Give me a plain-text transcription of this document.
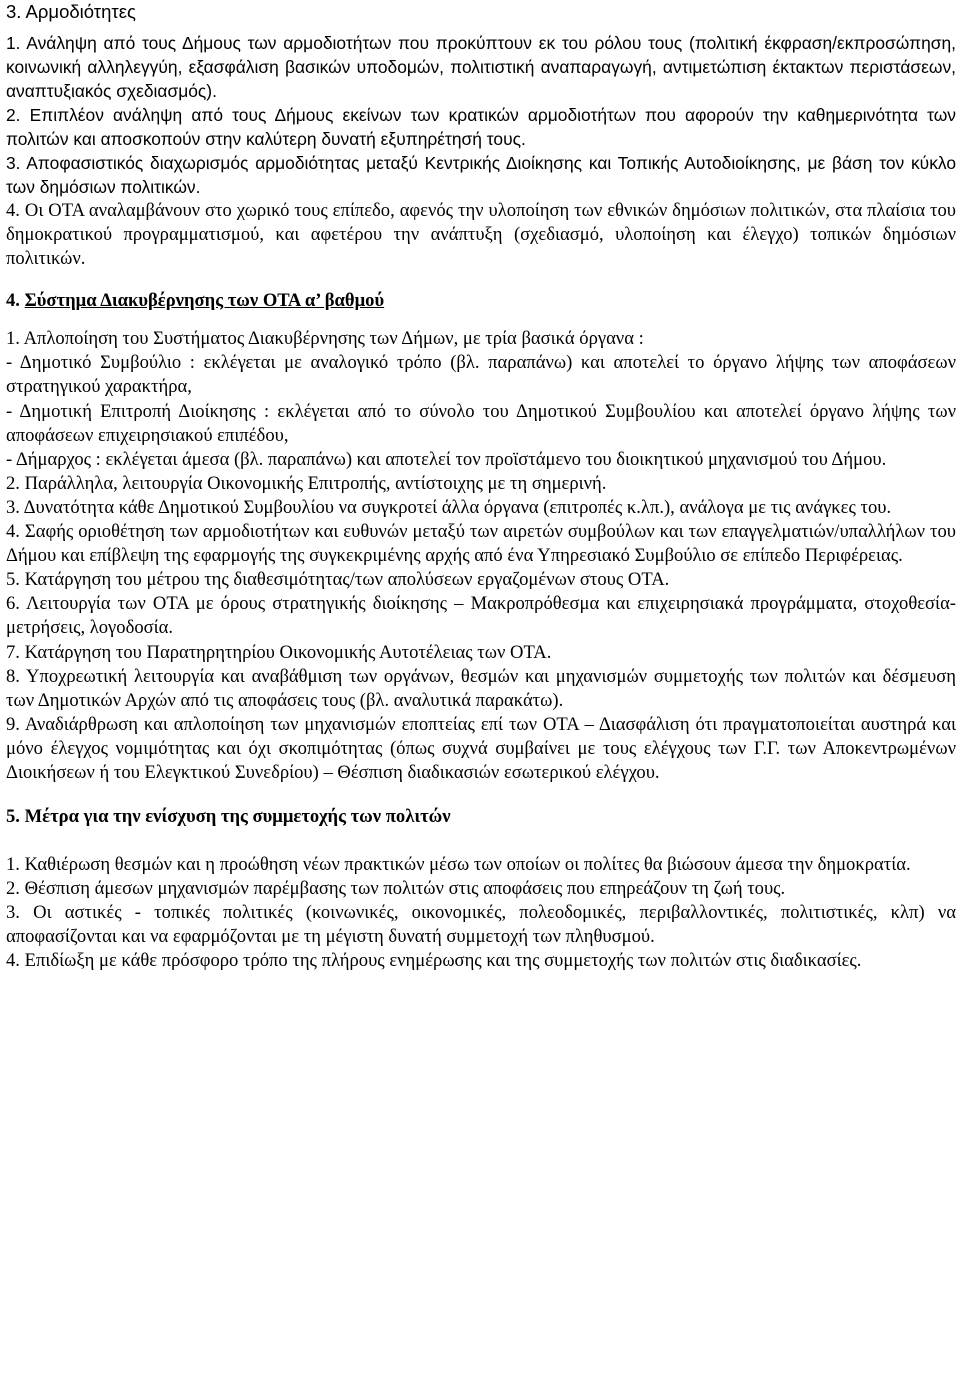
3. Αρμοδιότητες

1. Ανάληψη από τους Δήμους των αρμοδιοτήτων που προκύπτουν εκ του ρόλου τους (πολιτική έκφραση/εκπροσώπηση, κοινωνική αλληλεγγύη, εξασφάλιση βασικών υποδομών, πολιτιστική αναπαραγωγή, αντιμετώπιση έκτακτων περιστάσεων, αναπτυξιακός σχεδιασμός).

2. Επιπλέον ανάληψη από τους Δήμους εκείνων των κρατικών αρμοδιοτήτων που αφορούν την καθημερινότητα των πολιτών και αποσκοπούν στην καλύτερη δυνατή εξυπηρέτησή τους.

3. Αποφασιστικός διαχωρισμός αρμοδιότητας μεταξύ Κεντρικής Διοίκησης και Τοπικής Αυτοδιοίκησης, με βάση τον κύκλο των δημόσιων πολιτικών.

4. Οι ΟΤΑ αναλαμβάνουν στο χωρικό τους επίπεδο, αφενός την υλοποίηση των εθνικών δημόσιων πολιτικών, στα πλαίσια του δημοκρατικού προγραμματισμού, και αφετέρου την ανάπτυξη (σχεδιασμό, υλοποίηση και έλεγχο) τοπικών δημόσιων πολιτικών.

4. Σύστημα Διακυβέρνησης των ΟΤΑ α’ βαθμού

1. Απλοποίηση του Συστήματος Διακυβέρνησης των Δήμων, με τρία βασικά όργανα :

- Δημοτικό Συμβούλιο : εκλέγεται με αναλογικό τρόπο (βλ. παραπάνω) και αποτελεί το όργανο λήψης των αποφάσεων στρατηγικού χαρακτήρα,

- Δημοτική Επιτροπή Διοίκησης : εκλέγεται από το σύνολο του Δημοτικού Συμβουλίου και αποτελεί όργανο λήψης των αποφάσεων επιχειρησιακού επιπέδου,

- Δήμαρχος : εκλέγεται άμεσα (βλ. παραπάνω) και αποτελεί τον προϊστάμενο του διοικητικού μηχανισμού του Δήμου.

2. Παράλληλα, λειτουργία Οικονομικής Επιτροπής, αντίστοιχης με τη σημερινή.

3. Δυνατότητα κάθε Δημοτικού Συμβουλίου να συγκροτεί άλλα όργανα (επιτροπές κ.λπ.), ανάλογα με τις ανάγκες του.

4. Σαφής οριοθέτηση των αρμοδιοτήτων και ευθυνών μεταξύ των αιρετών συμβούλων και των επαγγελματιών/υπαλλήλων του Δήμου και επίβλεψη της εφαρμογής της συγκεκριμένης αρχής από ένα Υπηρεσιακό Συμβούλιο σε επίπεδο Περιφέρειας.

5. Κατάργηση του μέτρου της διαθεσιμότητας/των απολύσεων εργαζομένων στους ΟΤΑ.

6. Λειτουργία των ΟΤΑ με όρους στρατηγικής διοίκησης – Μακροπρόθεσμα και επιχειρησιακά προγράμματα, στοχοθεσία-μετρήσεις, λογοδοσία.

7. Κατάργηση του Παρατηρητηρίου Οικονομικής Αυτοτέλειας των ΟΤΑ.

8. Υποχρεωτική λειτουργία και αναβάθμιση των οργάνων, θεσμών και μηχανισμών συμμετοχής των πολιτών και δέσμευση των Δημοτικών Αρχών από τις αποφάσεις τους (βλ. αναλυτικά παρακάτω).

9. Αναδιάρθρωση και απλοποίηση των μηχανισμών εποπτείας επί των ΟΤΑ – Διασφάλιση ότι πραγματοποιείται αυστηρά και μόνο έλεγχος νομιμότητας και όχι σκοπιμότητας (όπως συχνά συμβαίνει με τους ελέγχους των Γ.Γ. των Αποκεντρωμένων Διοικήσεων ή του Ελεγκτικού Συνεδρίου) – Θέσπιση διαδικασιών εσωτερικού ελέγχου.

5. Μέτρα για την ενίσχυση της συμμετοχής των πολιτών

1. Καθιέρωση θεσμών και η προώθηση νέων πρακτικών μέσω των οποίων οι πολίτες θα βιώσουν άμεσα την δημοκρατία.

2. Θέσπιση άμεσων μηχανισμών παρέμβασης των πολιτών στις αποφάσεις που επηρεάζουν τη ζωή τους.

3. Οι αστικές - τοπικές πολιτικές (κοινωνικές, οικονομικές, πολεοδομικές, περιβαλλοντικές, πολιτιστικές, κλπ) να αποφασίζονται και να εφαρμόζονται με τη μέγιστη δυνατή συμμετοχή των πληθυσμού.

4. Επιδίωξη με κάθε πρόσφορο τρόπο της πλήρους ενημέρωσης και της συμμετοχής των πολιτών στις διαδικασίες.
